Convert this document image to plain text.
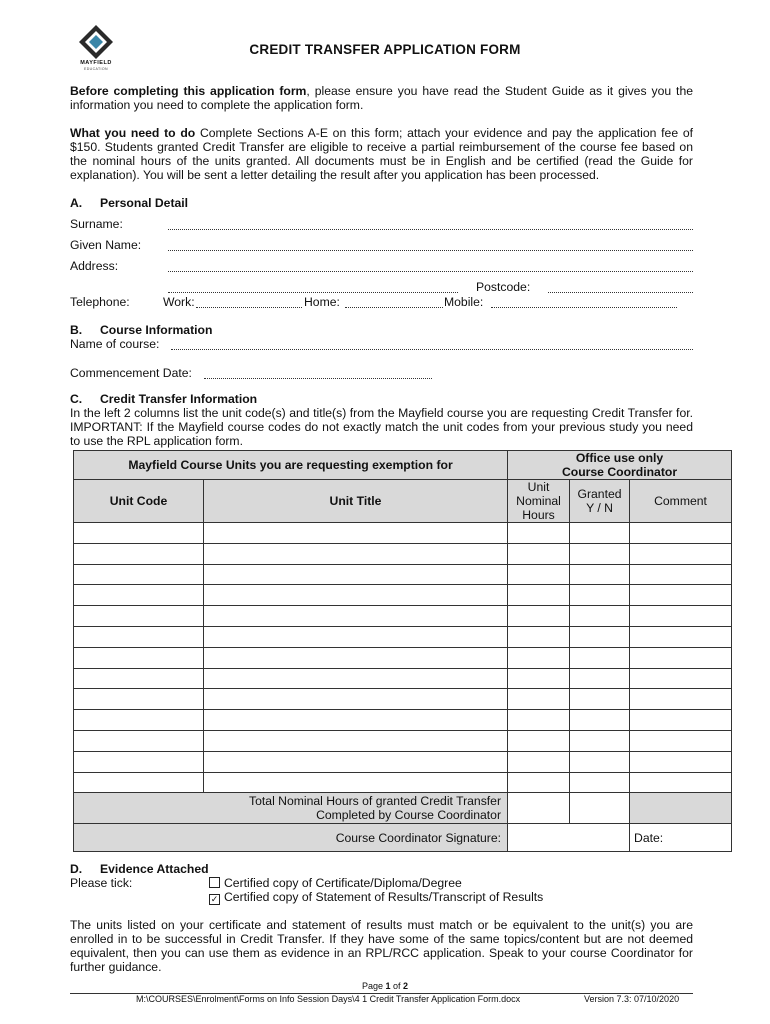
MAYFIELD
EDUCATION
CREDIT TRANSFER APPLICATION FORM
Before completing this application form, please ensure you have read the Student Guide as it gives you the information you need to complete the application form.
What you need to do Complete Sections A-E on this form; attach your evidence and pay the application fee of $150. Students granted Credit Transfer are eligible to receive a partial reimbursement of the course fee based on the nominal hours of the units granted. All documents must be in English and be certified (read the Guide for explanation). You will be sent a letter detailing the result after you application has been processed.
A. Personal Detail
Surname:
Given Name:
Address:
Postcode:
Telephone:	Work:	Home:	Mobile:
B. Course Information
Name of course:
Commencement Date:
C. Credit Transfer Information
In the left 2 columns list the unit code(s) and title(s) from the Mayfield course you are requesting Credit Transfer for. IMPORTANT: If the Mayfield course codes do not exactly match the unit codes from your previous study you need to use the RPL application form.
Mayfield Course Units you are requesting exemption for		Office use only
Course Coordinator		

Unit Code	Unit Title	Unit Nominal Hours	Granted Y / N	Comment

Total Nominal Hours of granted Credit Transfer
Completed by Course Coordinator				

Course Coordinator Signature:				Date:
D. Evidence Attached
Please tick:	Certified copy of Certificate/Diploma/Degree
✓ Certified copy of Statement of Results/Transcript of Results
The units listed on your certificate and statement of results must match or be equivalent to the unit(s) you are enrolled in to be successful in Credit Transfer. If they have some of the same topics/content but are not deemed equivalent, then you can use them as evidence in an RPL/RCC application. Speak to your course Coordinator for further guidance.
Page 1 of 2
M:\COURSES\Enrolment\Forms on Info Session Days\4 1 Credit Transfer Application Form.docx	Version 7.3: 07/10/2020
